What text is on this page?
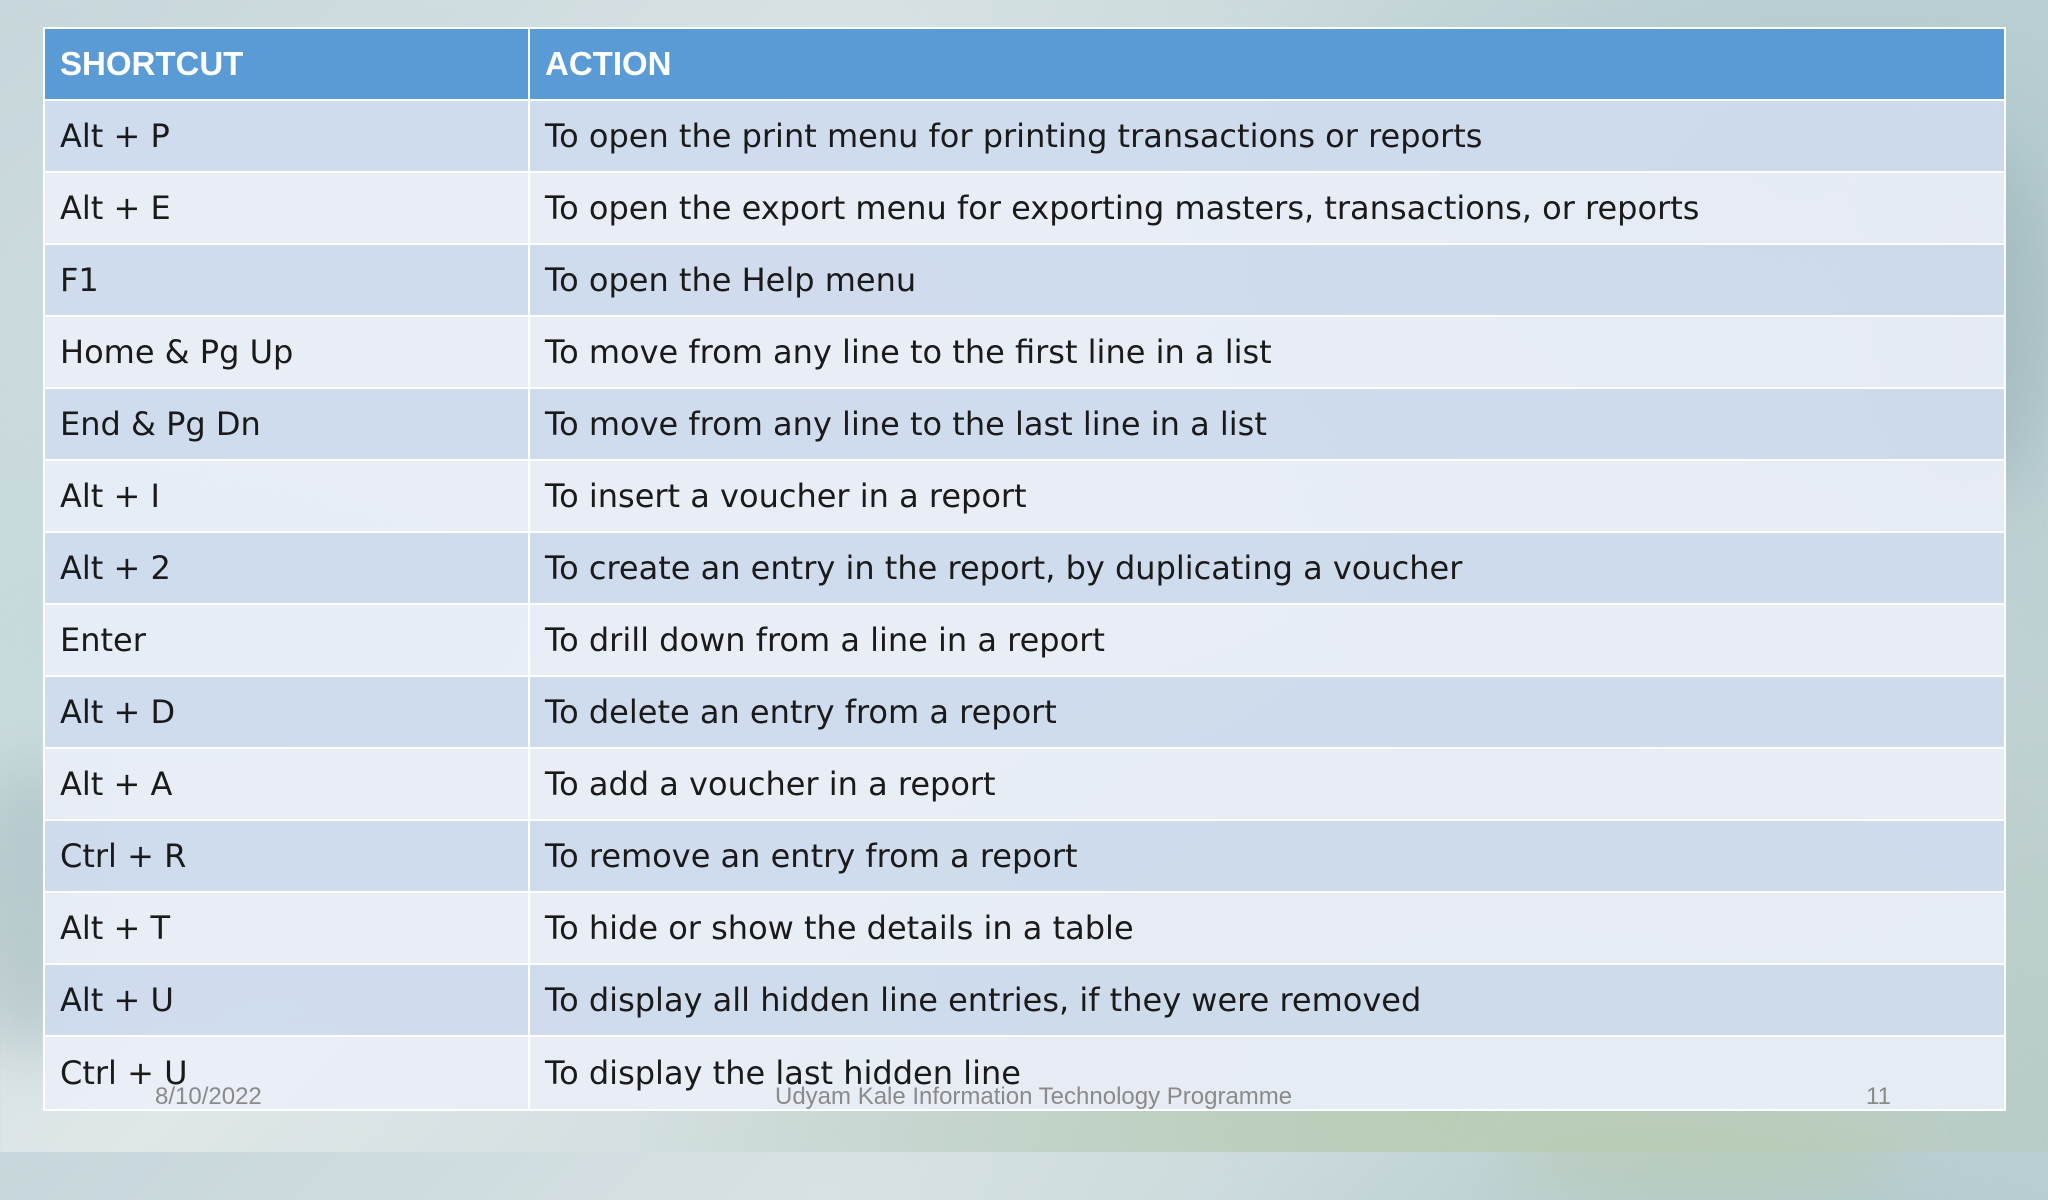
SHORTCUT	ACTION
Alt + P	To open the print menu for printing transactions or reports
Alt + E	To open the export menu for exporting masters, transactions, or reports
F1	To open the Help menu
Home & Pg Up	To move from any line to the first line in a list
End & Pg Dn	To move from any line to the last line in a list
Alt + I	To insert a voucher in a report
Alt + 2	To create an entry in the report, by duplicating a voucher
Enter	To drill down from a line in a report
Alt + D	To delete an entry from a report
Alt + A	To add a voucher in a report
Ctrl + R	To remove an entry from a report
Alt + T	To hide or show the details in a table
Alt + U	To display all hidden line entries, if they were removed
Ctrl + U	To display the last hidden line
8/10/2022	Udyam Kale Information Technology Programme	11
